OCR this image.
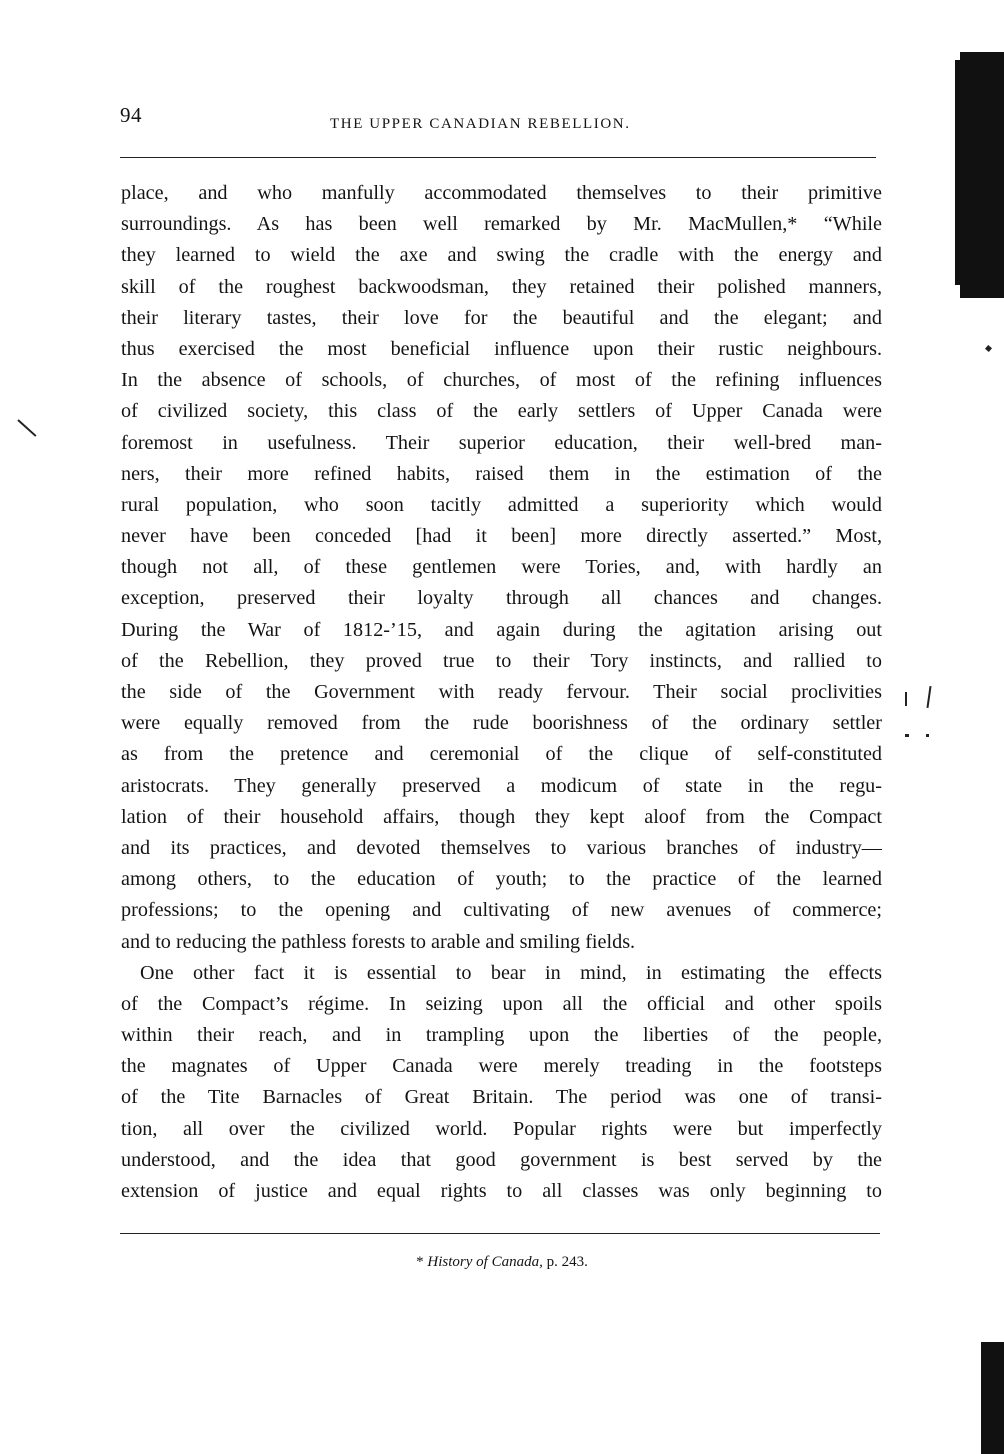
94	THE UPPER CANADIAN REBELLION.
place, and who manfully accommodated themselves to their primitive
surroundings. As has been well remarked by Mr. MacMullen,* “While
they learned to wield the axe and swing the cradle with the energy and
skill of the roughest backwoodsman, they retained their polished manners,
their literary tastes, their love for the beautiful and the elegant; and
thus exercised the most beneficial influence upon their rustic neighbours.
In the absence of schools, of churches, of most of the refining influences
of civilized society, this class of the early settlers of Upper Canada were
foremost in usefulness. Their superior education, their well-bred man-
ners, their more refined habits, raised them in the estimation of the
rural population, who soon tacitly admitted a superiority which would
never have been conceded [had it been] more directly asserted.” Most,
though not all, of these gentlemen were Tories, and, with hardly an
exception, preserved their loyalty through all chances and changes.
During the War of 1812-’15, and again during the agitation arising out
of the Rebellion, they proved true to their Tory instincts, and rallied to
the side of the Government with ready fervour. Their social proclivities
were equally removed from the rude boorishness of the ordinary settler
as from the pretence and ceremonial of the clique of self-constituted
aristocrats. They generally preserved a modicum of state in the regu-
lation of their household affairs, though they kept aloof from the Compact
and its practices, and devoted themselves to various branches of industry—
among others, to the education of youth; to the practice of the learned
professions; to the opening and cultivating of new avenues of commerce;
and to reducing the pathless forests to arable and smiling fields.
One other fact it is essential to bear in mind, in estimating the effects
of the Compact’s régime. In seizing upon all the official and other spoils
within their reach, and in trampling upon the liberties of the people,
the magnates of Upper Canada were merely treading in the footsteps
of the Tite Barnacles of Great Britain. The period was one of transi-
tion, all over the civilized world. Popular rights were but imperfectly
understood, and the idea that good government is best served by the
extension of justice and equal rights to all classes was only beginning to
* History of Canada, p. 243.
